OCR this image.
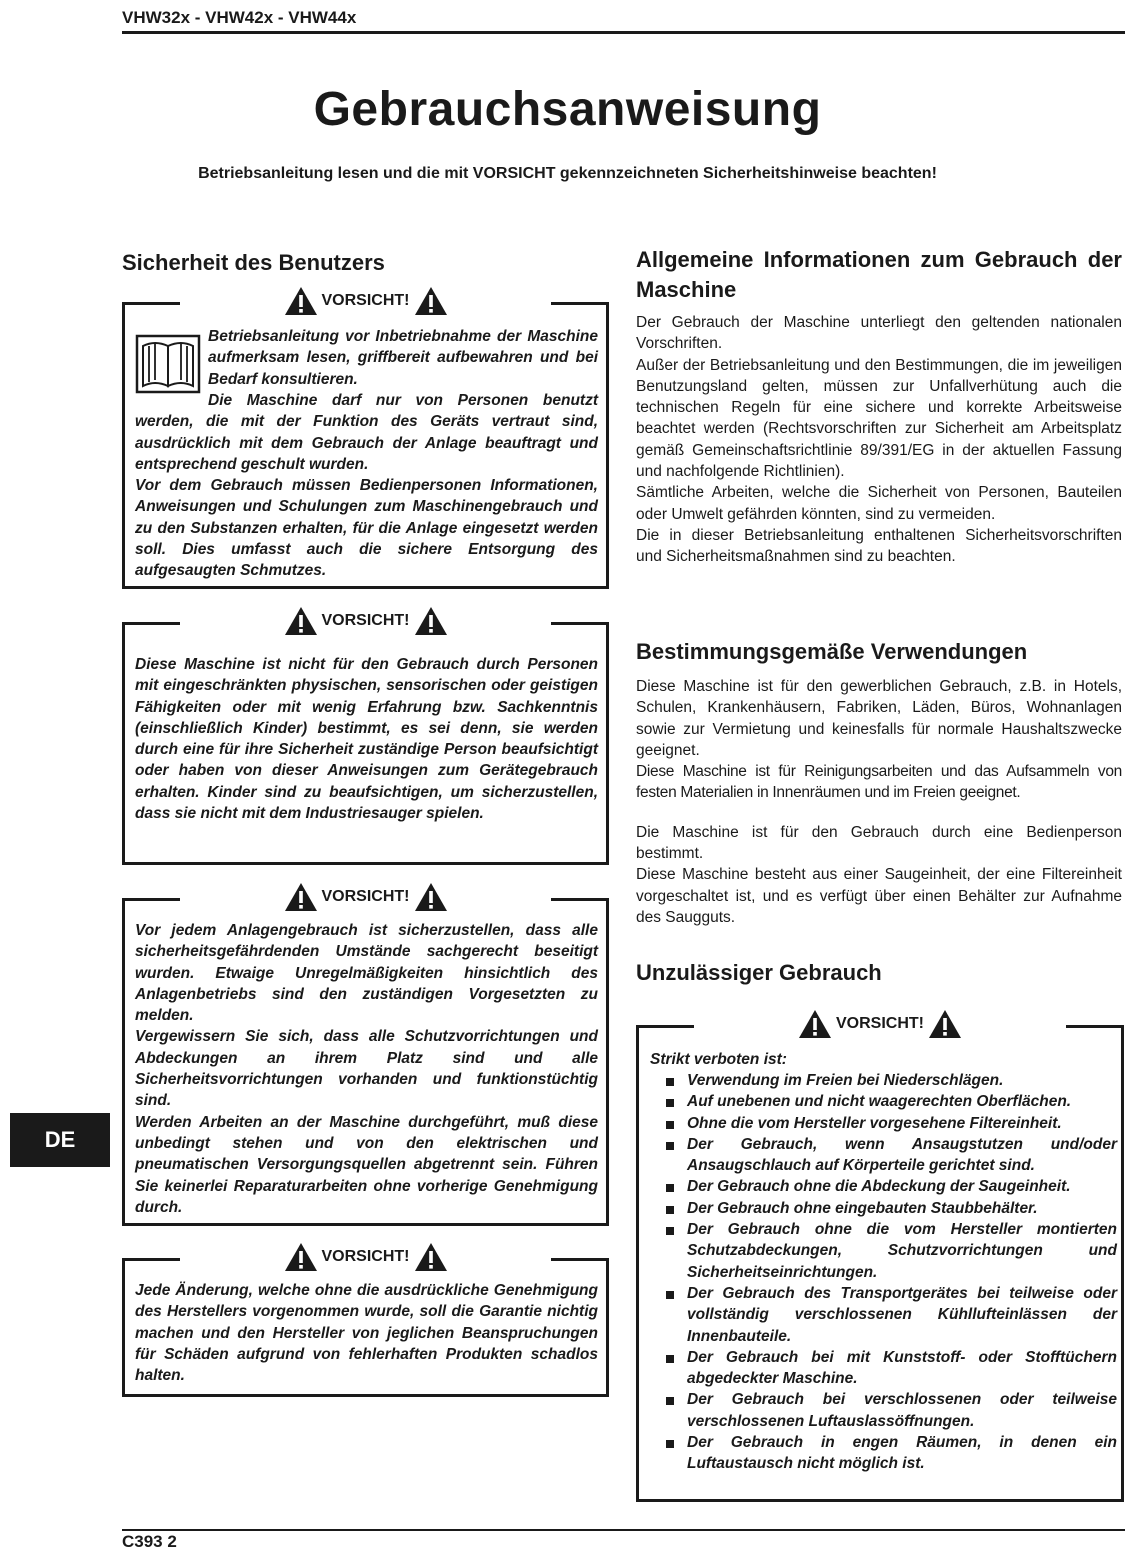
VHW32x - VHW42x - VHW44x
Gebrauchsanweisung
Betriebsanleitung lesen und die mit VORSICHT gekennzeichneten Sicherheitshinweise beachten!
Sicherheit des Benutzers
VORSICHT!
Betriebsanleitung vor Inbetriebnahme der Maschine aufmerksam lesen, griffbereit aufbewahren und bei Bedarf konsultieren.
Die Maschine darf nur von Personen benutzt werden, die mit der Funktion des Geräts vertraut sind, ausdrücklich mit dem Gebrauch der Anlage beauftragt und entsprechend geschult wurden.
Vor dem Gebrauch müssen Bedienpersonen Informationen, Anweisungen und Schulungen zum Maschinengebrauch und zu den Substanzen erhalten, für die Anlage eingesetzt werden soll. Dies umfasst auch die sichere Entsorgung des aufgesaugten Schmutzes.
VORSICHT!
Diese Maschine ist nicht für den Gebrauch durch Personen mit eingeschränkten physischen, sensorischen oder geistigen Fähigkeiten oder mit wenig Erfahrung bzw. Sachkenntnis (einschließlich Kinder) bestimmt, es sei denn, sie werden durch eine für ihre Sicherheit zuständige Person beaufsichtigt oder haben von dieser Anweisungen zum Gerätegebrauch erhalten. Kinder sind zu beaufsichtigen, um sicherzustellen, dass sie nicht mit dem Industriesauger spielen.
VORSICHT!
Vor jedem Anlagengebrauch ist sicherzustellen, dass alle sicherheitsgefährdenden Umstände sachgerecht beseitigt wurden. Etwaige Unregelmäßigkeiten hinsichtlich des Anlagenbetriebs sind den zuständigen Vorgesetzten zu melden.
Vergewissern Sie sich, dass alle Schutzvorrichtungen und Abdeckungen an ihrem Platz sind und alle Sicherheitsvorrichtungen vorhanden und funktionstüchtig sind.
Werden Arbeiten an der Maschine durchgeführt, muß diese unbedingt stehen und von den elektrischen und pneumatischen Versorgungsquellen abgetrennt sein. Führen Sie keinerlei Reparaturarbeiten ohne vorherige Genehmigung durch.
VORSICHT!
Jede Änderung, welche ohne die ausdrückliche Genehmigung des Herstellers vorgenommen wurde, soll die Garantie nichtig machen und den Hersteller von jeglichen Beanspruchungen für Schäden aufgrund von fehlerhaften Produkten schadlos halten.
Allgemeine Informationen zum Gebrauch der Maschine

Der Gebrauch der Maschine unterliegt den geltenden nationalen Vorschriften.

Außer der Betriebsanleitung und den Bestimmungen, die im jeweiligen Benutzungsland gelten, müssen zur Unfallverhütung auch die technischen Regeln für eine sichere und korrekte Arbeitsweise beachtet werden (Rechtsvorschriften zur Sicherheit am Arbeitsplatz gemäß Gemeinschaftsrichtlinie 89/391/EG in der aktuellen Fassung und nachfolgende Richtlinien).

Sämtliche Arbeiten, welche die Sicherheit von Personen, Bauteilen oder Umwelt gefährden könnten, sind zu vermeiden.

Die in dieser Betriebsanleitung enthaltenen Sicherheitsvorschriften und Sicherheitsmaßnahmen sind zu beachten.

Bestimmungsgemäße Verwendungen

Diese Maschine ist für den gewerblichen Gebrauch, z.B. in Hotels, Schulen, Krankenhäusern, Fabriken, Läden, Büros, Wohnanlagen sowie zur Vermietung und keinesfalls für normale Haushaltszwecke geeignet.

Diese Maschine ist für Reinigungsarbeiten und das Aufsammeln von festen Materialien in Innenräumen und im Freien geeignet.

Die Maschine ist für den Gebrauch durch eine Bedienperson bestimmt.

Diese Maschine besteht aus einer Saugeinheit, der eine Filtereinheit vorgeschaltet ist, und es verfügt über einen Behälter zur Aufnahme des Saugguts.

Unzulässiger Gebrauch
VORSICHT!
Strikt verboten ist:
Verwendung im Freien bei Niederschlägen.
Auf unebenen und nicht waagerechten Oberflächen.
Ohne die vom Hersteller vorgesehene Filtereinheit.
Der Gebrauch, wenn Ansaugstutzen und/oder Ansaugschlauch auf Körperteile gerichtet sind.
Der Gebrauch ohne die Abdeckung der Saugeinheit.
Der Gebrauch ohne eingebauten Staubbehälter.
Der Gebrauch ohne die vom Hersteller montierten Schutzabdeckungen, Schutzvorrichtungen und Sicherheitseinrichtungen.
Der Gebrauch des Transportgerätes bei teilweise oder vollständig verschlossenen Kühllufteinlässen der Innenbauteile.
Der Gebrauch bei mit Kunststoff- oder Stofftüchern abgedeckter Maschine.
Der Gebrauch bei verschlossenen oder teilweise verschlossenen Luftauslassöffnungen.
Der Gebrauch in engen Räumen, in denen ein Luftaustausch nicht möglich ist.
DE
C393 2
